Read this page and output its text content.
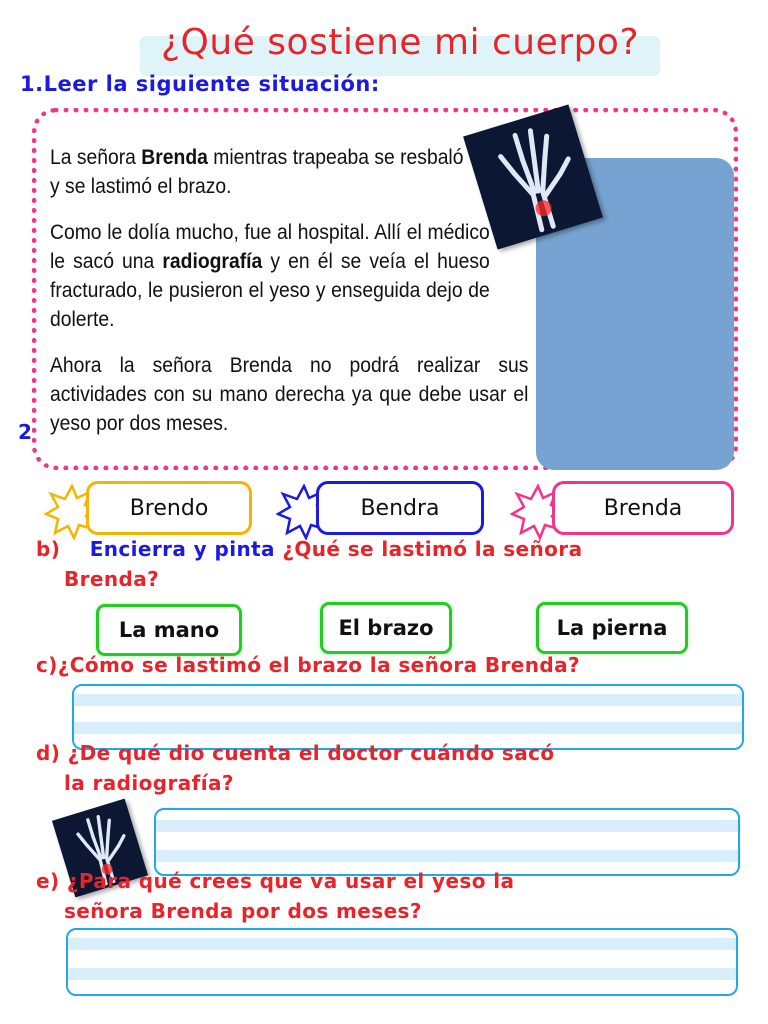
¿Qué sostiene mi cuerpo?
1.Leer la siguiente situación:

La señora Brenda mientras trapeaba se resbaló y se lastimó el brazo.

Como le dolía mucho, fue al hospital. Allí el médico le sacó una radiografía y en él se veía el hueso fracturado, le pusieron el yeso y enseguida dejo de dolerte.

Ahora la señora Brenda no podrá realizar sus actividades con su mano derecha ya que debe usar el yeso por dos meses.

2
Brendo	Bendra	Brenda
b) Encierra y pinta ¿Qué se lastimó la señora
Brenda?
La mano	El brazo	La pierna
c)¿Cómo se lastimó el brazo la señora Brenda?
d) ¿De qué dio cuenta el doctor cuándo sacó
la radiografía?
e) ¿Para qué crees que va usar el yeso la
señora Brenda por dos meses?
